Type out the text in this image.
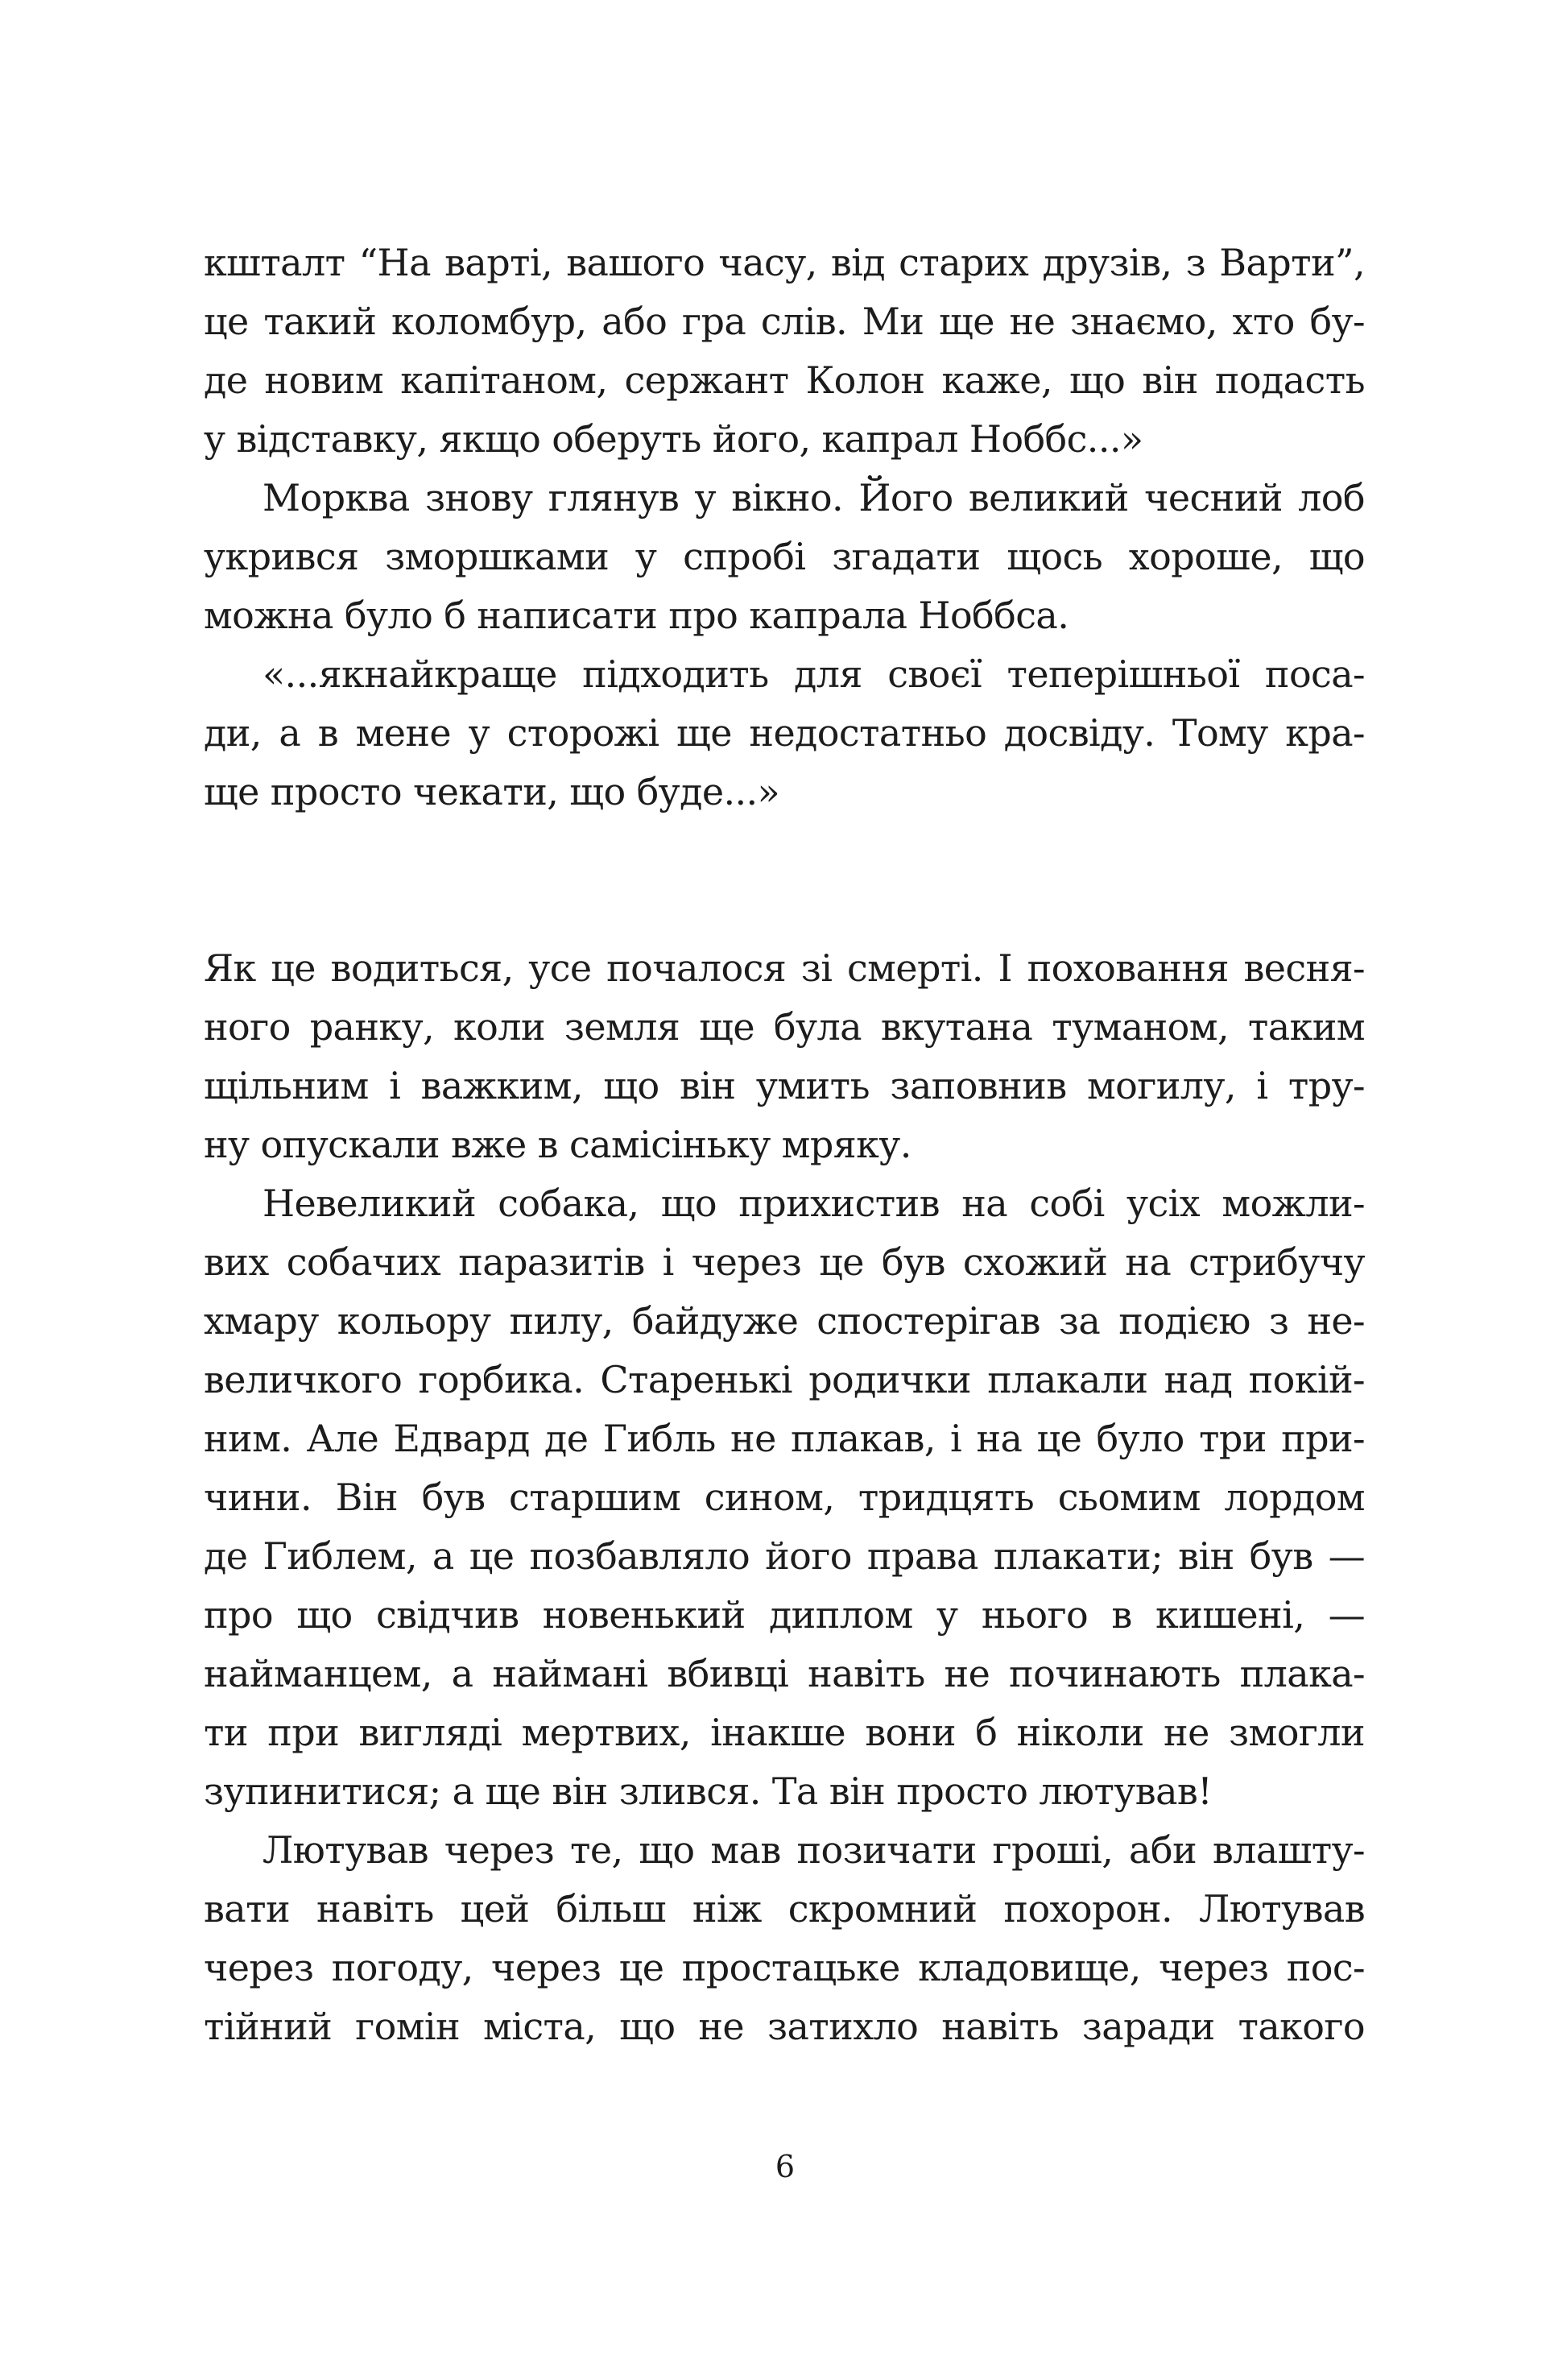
кшталт “На варті, вашого часу, від старих друзів, з Варти”,
це такий коломбур, або гра слів. Ми ще не знаємо, хто бу-
де новим капітаном, сержант Колон каже, що він подасть
у відставку, якщо оберуть його, капрал Ноббс...»
Морква знову глянув у вікно. Його великий чесний лоб
укрився зморшками у спробі згадати щось хороше, що
можна було б написати про капрала Ноббса.
«...якнайкраще підходить для своєї теперішньої поса-
ди, а в мене у сторожі ще недостатньо досвіду. Тому кра-
ще просто чекати, що буде...»
Як це водиться, усе почалося зі смерті. І поховання весня-
ного ранку, коли земля ще була вкутана туманом, таким
щільним і важким, що він умить заповнив могилу, і тру-
ну опускали вже в самісіньку мряку.
Невеликий собака, що прихистив на собі усіх можли-
вих собачих паразитів і через це був схожий на стрибучу
хмару кольору пилу, байдуже спостерігав за подією з не-
величкого горбика. Старенькі родички плакали над покій-
ним. Але Едвард де Гибль не плакав, і на це було три при-
чини. Він був старшим сином, тридцять сьомим лордом
де Гиблем, а це позбавляло його права плакати; він був —
про що свідчив новенький диплом у нього в кишені, —
найманцем, а наймані вбивці навіть не починають плака-
ти при вигляді мертвих, інакше вони б ніколи не змогли
зупинитися; а ще він злився. Та він просто лютував!
Лютував через те, що мав позичати гроші, аби влашту-
вати навіть цей більш ніж скромний похорон. Лютував
через погоду, через це простацьке кладовище, через пос-
тійний гомін міста, що не затихло навіть заради такого
6
